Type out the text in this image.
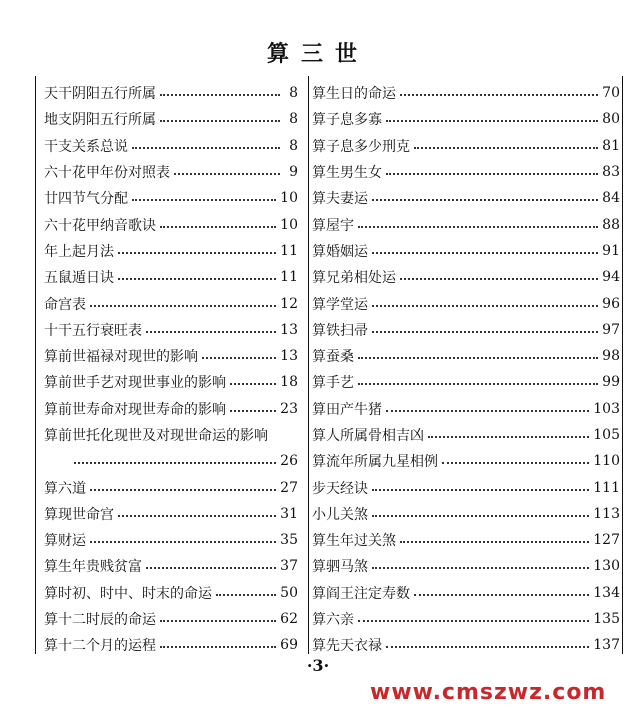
算三世
天干阴阳五行所属	8
地支阴阳五行所属	8
干支关系总说	8
六十花甲年份对照表	9
廿四节气分配	10
六十花甲纳音歌诀	10
年上起月法	11
五鼠遁日诀	11
命宫表	12
十干五行衰旺表	13
算前世福禄对现世的影响	13
算前世手艺对现世事业的影响	18
算前世寿命对现世寿命的影响	23
算前世托化现世及对现世命运的影响
26
算六道	27
算现世命宫	31
算财运	35
算生年贵贱贫富	37
算时初、时中、时末的命运	50
算十二时辰的命运	62
算十二个月的运程	69
算生日的命运	70
算子息多寡	80
算子息多少刑克	81
算生男生女	83
算夫妻运	84
算屋宇	88
算婚姻运	91
算兄弟相处运	94
算学堂运	96
算铁扫帚	97
算蚕桑	98
算手艺	99
算田产牛猪	103
算人所属骨相吉凶	105
算流年所属九星相例	110
步天经诀	111
小儿关煞	113
算生年过关煞	127
算驷马煞	130
算阎王注定寿数	134
算六亲	135
算先天衣禄	137
·3·
www.cmszwz.com
